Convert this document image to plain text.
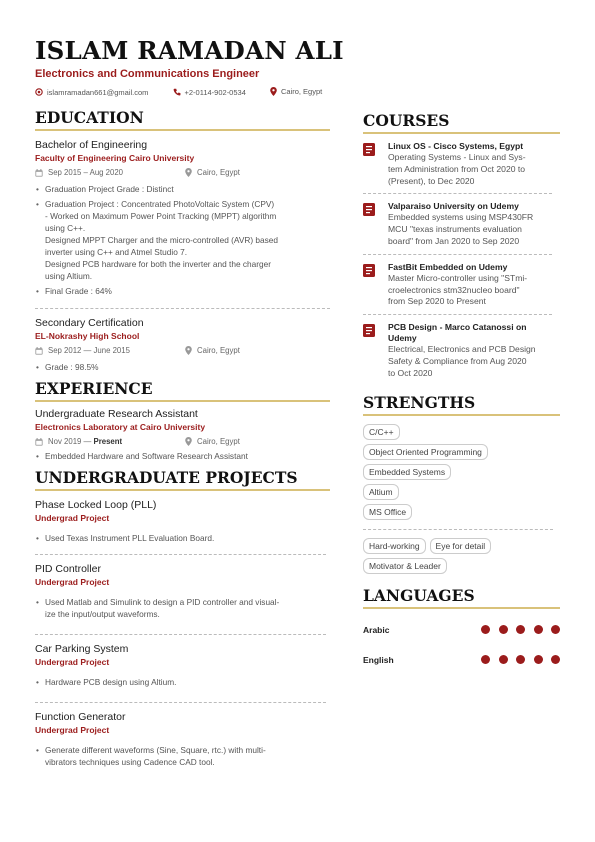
ISLAM RAMADAN ALI
Electronics and Communications Engineer
islamramadan661@gmail.com
	+2-0114-902-0534
	Cairo, Egypt
EDUCATION
Bachelor of Engineering
Faculty of Engineering Cairo University
Sep 2015 – Aug 2020	Cairo, Egypt
• Graduation Project Grade : Distinct
• Graduation Project : Concentrated PhotoVoltaic System (CPV)
- Worked on Maximum Power Point Tracking (MPPT) algorithm
using C++.
Designed MPPT Charger and the micro-controlled (AVR) based
inverter using C++ and Atmel Studio 7.
Designed PCB hardware for both the inverter and the charger
using Altium.
• Final Grade : 64%
Secondary Certification
EL-Nokrashy High School
Sep 2012 — June 2015	Cairo, Egypt
• Grade : 98.5%
EXPERIENCE
Undergraduate Research Assistant
Electronics Laboratory at Cairo University
Nov 2019 —
Present	Cairo, Egypt
• Embedded Hardware and Software Research Assistant
UNDERGRADUATE PROJECTS
Phase Locked Loop (PLL)
Undergrad Project
• Used Texas Instrument PLL Evaluation Board.
PID Controller
Undergrad Project
• Used Matlab and Simulink to design a PID controller and visual-
ize the input/output waveforms.
Car Parking System
Undergrad Project
• Hardware PCB design using Altium.
Function Generator
Undergrad Project
• Generate different waveforms (Sine, Square, rtc.) with multi-
vibrators techniques using Cadence CAD tool.
COURSES
Linux OS - Cisco Systems, Egypt
Operating Systems - Linux and Sys-
tem Administration from Oct 2020 to
(Present), to Dec 2020
Valparaiso University on Udemy
Embedded systems using MSP430FR
MCU "texas instruments evaluation
board" from Jan 2020 to Sep 2020
FastBit Embedded on Udemy
Master Micro-controller using "STmi-
croelectronics stm32nucleo board"
from Sep 2020 to Present
PCB Design - Marco Catanossi on
Udemy
Electrical, Electronics and PCB Design
Safety & Compliance from Aug 2020
to Oct 2020
STRENGTHS
C/C++
Object Oriented Programming
Embedded Systems
Altium
MS Office
Hard-working	Eye for detail
Motivator & Leader
LANGUAGES
Arabic
English
